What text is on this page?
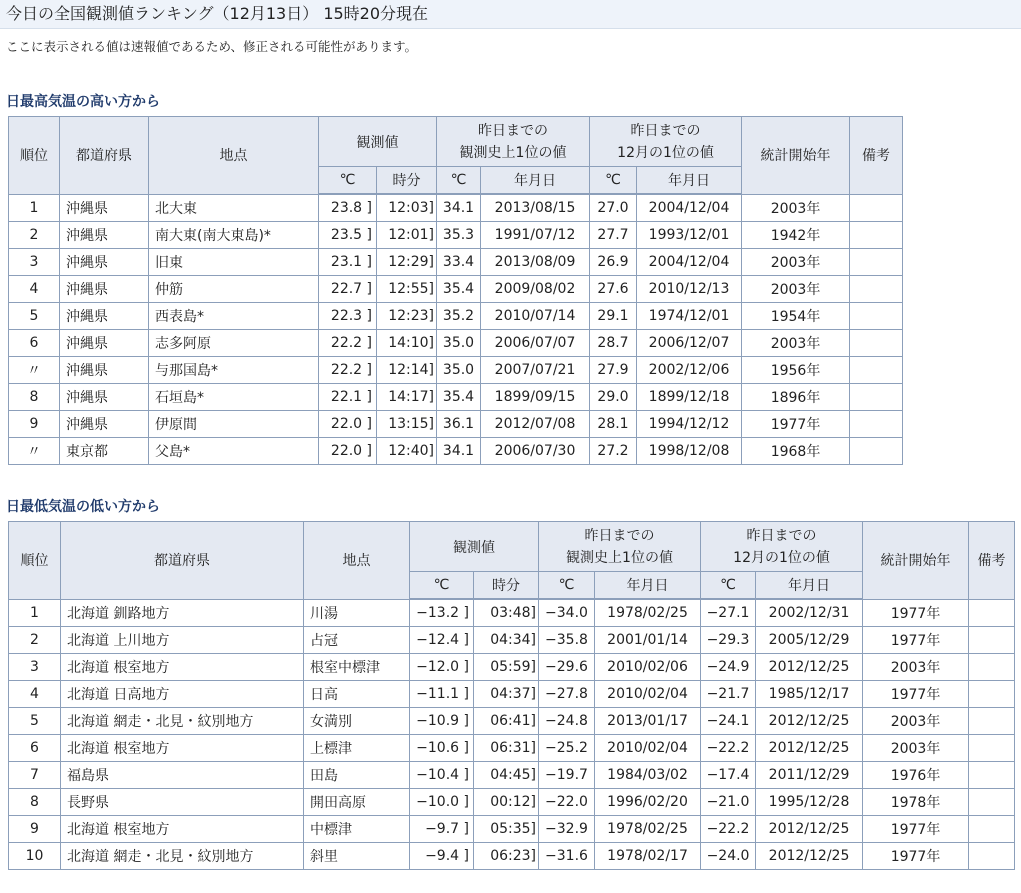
今日の全国観測値ランキング（12月13日） 15時20分現在
ここに表示される値は速報値であるため、修正される可能性があります。
日最高気温の高い方から
順位	都道府県	地点	観測値		昨日までの
観測史上1位の値		昨日までの
12月の1位の値		統計開始年	備考
			℃	時分	℃	年月日	℃	年月日		
1	沖縄県	北大東	23.8 ]	12:03]	34.1	2013/08/15	27.0	2004/12/04	2003年	
2	沖縄県	南大東(南大東島)*	23.5 ]	12:01]	35.3	1991/07/12	27.7	1993/12/01	1942年	
3	沖縄県	旧東	23.1 ]	12:29]	33.4	2013/08/09	26.9	2004/12/04	2003年	
4	沖縄県	仲筋	22.7 ]	12:55]	35.4	2009/08/02	27.6	2010/12/13	2003年	
5	沖縄県	西表島*	22.3 ]	12:23]	35.2	2010/07/14	29.1	1974/12/01	1954年	
6	沖縄県	志多阿原	22.2 ]	14:10]	35.0	2006/07/07	28.7	2006/12/07	2003年	
〃	沖縄県	与那国島*	22.2 ]	12:14]	35.0	2007/07/21	27.9	2002/12/06	1956年	
8	沖縄県	石垣島*	22.1 ]	14:17]	35.4	1899/09/15	29.0	1899/12/18	1896年	
9	沖縄県	伊原間	22.0 ]	13:15]	36.1	2012/07/08	28.1	1994/12/12	1977年	
〃	東京都	父島*	22.0 ]	12:40]	34.1	2006/07/30	27.2	1998/12/08	1968年	
日最低気温の低い方から
順位	都道府県	地点	観測値		昨日までの
観測史上1位の値		昨日までの
12月の1位の値		統計開始年	備考
			℃	時分	℃	年月日	℃	年月日		
1	北海道 釧路地方	川湯	−13.2 ]	03:48]	−34.0	1978/02/25	−27.1	2002/12/31	1977年	
2	北海道 上川地方	占冠	−12.4 ]	04:34]	−35.8	2001/01/14	−29.3	2005/12/29	1977年	
3	北海道 根室地方	根室中標津	−12.0 ]	05:59]	−29.6	2010/02/06	−24.9	2012/12/25	2003年	
4	北海道 日高地方	日高	−11.1 ]	04:37]	−27.8	2010/02/04	−21.7	1985/12/17	1977年	
5	北海道 網走・北見・紋別地方	女満別	−10.9 ]	06:41]	−24.8	2013/01/17	−24.1	2012/12/25	2003年	
6	北海道 根室地方	上標津	−10.6 ]	06:31]	−25.2	2010/02/04	−22.2	2012/12/25	2003年	
7	福島県	田島	−10.4 ]	04:45]	−19.7	1984/03/02	−17.4	2011/12/29	1976年	
8	長野県	開田高原	−10.0 ]	00:12]	−22.0	1996/02/20	−21.0	1995/12/28	1978年	
9	北海道 根室地方	中標津	−9.7 ]	05:35]	−32.9	1978/02/25	−22.2	2012/12/25	1977年	
10	北海道 網走・北見・紋別地方	斜里	−9.4 ]	06:23]	−31.6	1978/02/17	−24.0	2012/12/25	1977年	
